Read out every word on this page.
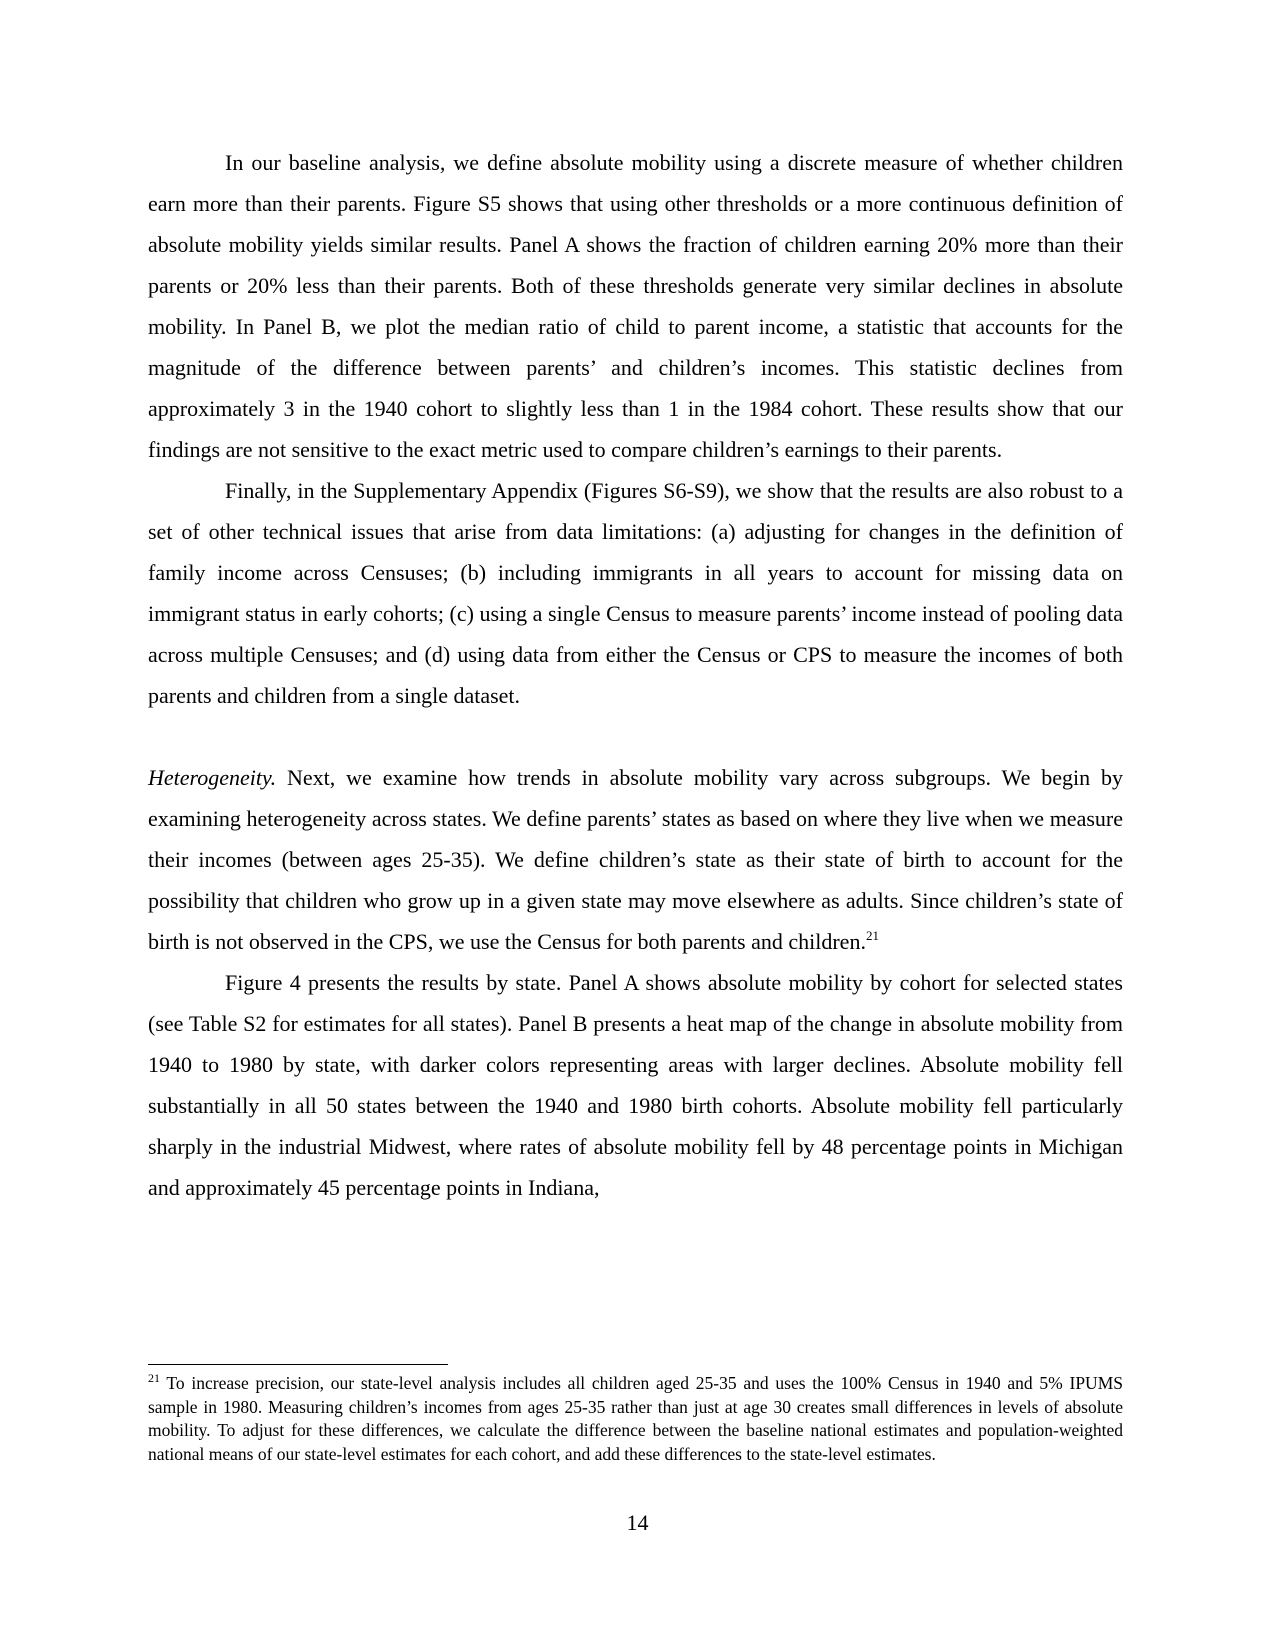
In our baseline analysis, we define absolute mobility using a discrete measure of whether children earn more than their parents. Figure S5 shows that using other thresholds or a more continuous definition of absolute mobility yields similar results. Panel A shows the fraction of children earning 20% more than their parents or 20% less than their parents. Both of these thresholds generate very similar declines in absolute mobility. In Panel B, we plot the median ratio of child to parent income, a statistic that accounts for the magnitude of the difference between parents’ and children’s incomes. This statistic declines from approximately 3 in the 1940 cohort to slightly less than 1 in the 1984 cohort. These results show that our findings are not sensitive to the exact metric used to compare children’s earnings to their parents.

Finally, in the Supplementary Appendix (Figures S6-S9), we show that the results are also robust to a set of other technical issues that arise from data limitations: (a) adjusting for changes in the definition of family income across Censuses; (b) including immigrants in all years to account for missing data on immigrant status in early cohorts; (c) using a single Census to measure parents’ income instead of pooling data across multiple Censuses; and (d) using data from either the Census or CPS to measure the incomes of both parents and children from a single dataset.

Heterogeneity. Next, we examine how trends in absolute mobility vary across subgroups. We begin by examining heterogeneity across states. We define parents’ states as based on where they live when we measure their incomes (between ages 25-35). We define children’s state as their state of birth to account for the possibility that children who grow up in a given state may move elsewhere as adults. Since children’s state of birth is not observed in the CPS, we use the Census for both parents and children.$^{21}$

Figure 4 presents the results by state. Panel A shows absolute mobility by cohort for selected states (see Table S2 for estimates for all states). Panel B presents a heat map of the change in absolute mobility from 1940 to 1980 by state, with darker colors representing areas with larger declines. Absolute mobility fell substantially in all 50 states between the 1940 and 1980 birth cohorts. Absolute mobility fell particularly sharply in the industrial Midwest, where rates of absolute mobility fell by 48 percentage points in Michigan and approximately 45 percentage points in Indiana,

$^{21}$ To increase precision, our state-level analysis includes all children aged 25-35 and uses the 100% Census in 1940 and 5% IPUMS sample in 1980. Measuring children’s incomes from ages 25-35 rather than just at age 30 creates small differences in levels of absolute mobility. To adjust for these differences, we calculate the difference between the baseline national estimates and population-weighted national means of our state-level estimates for each cohort, and add these differences to the state-level estimates.

14
